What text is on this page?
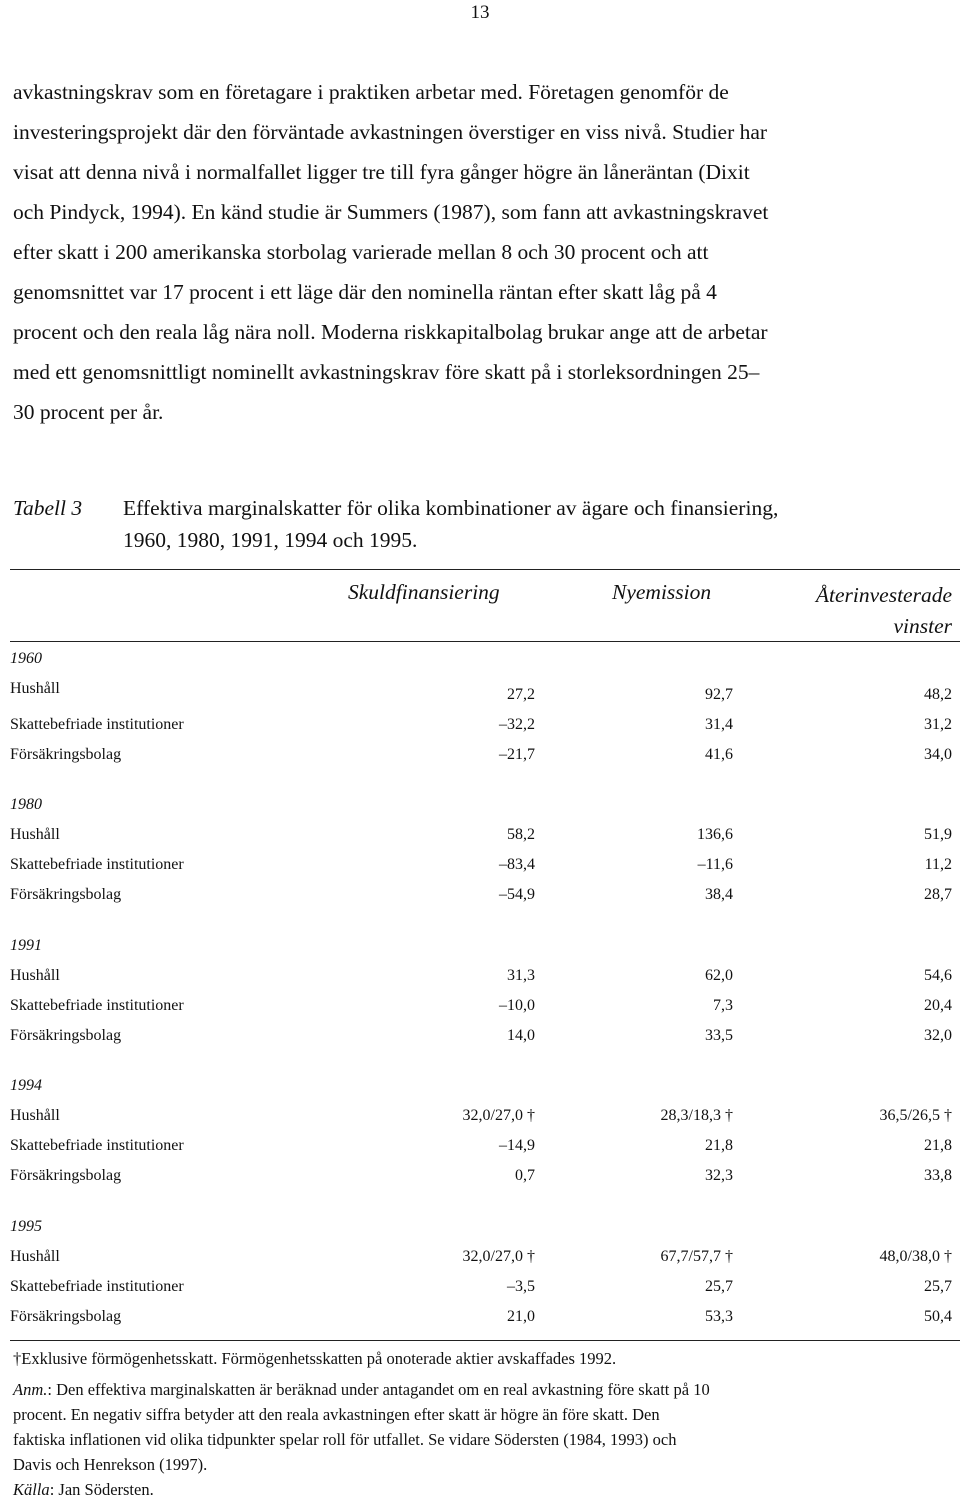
13
avkastningskrav som en företagare i praktiken arbetar med. Företagen genomför de
investeringsprojekt där den förväntade avkastningen överstiger en viss nivå. Studier har
visat att denna nivå i normalfallet ligger tre till fyra gånger högre än låneräntan (Dixit
och Pindyck, 1994). En känd studie är Summers (1987), som fann att avkastningskravet
efter skatt i 200 amerikanska storbolag varierade mellan 8 och 30 procent och att
genomsnittet var 17 procent i ett läge där den nominella räntan efter skatt låg på 4
procent och den reala låg nära noll. Moderna riskkapitalbolag brukar ange att de arbetar
med ett genomsnittligt nominellt avkastningskrav före skatt på i storleksordningen 25–
30 procent per år.
Tabell 3 Effektiva marginalskatter för olika kombinationer av ägare och finansiering,
1960, 1980, 1991, 1994 och 1995.
Skuldfinansiering	Nyemission	Återinvesterade
vinster
1960
Hushåll	27,2	92,7	48,2
Skattebefriade institutioner	–32,2	31,4	31,2
Försäkringsbolag	–21,7	41,6	34,0
1980
Hushåll	58,2	136,6	51,9
Skattebefriade institutioner	–83,4	–11,6	11,2
Försäkringsbolag	–54,9	38,4	28,7
1991
Hushåll	31,3	62,0	54,6
Skattebefriade institutioner	–10,0	7,3	20,4
Försäkringsbolag	14,0	33,5	32,0
1994
Hushåll	32,0/27,0 †	28,3/18,3 †	36,5/26,5 †
Skattebefriade institutioner	–14,9	21,8	21,8
Försäkringsbolag	0,7	32,3	33,8
1995
Hushåll	32,0/27,0 †	67,7/57,7 †	48,0/38,0 †
Skattebefriade institutioner	–3,5	25,7	25,7
Försäkringsbolag	21,0	53,3	50,4
†Exklusive förmögenhetsskatt. Förmögenhetsskatten på onoterade aktier avskaffades 1992.
Anm.: Den effektiva marginalskatten är beräknad under antagandet om en real avkastning före skatt på 10
procent. En negativ siffra betyder att den reala avkastningen efter skatt är högre än före skatt. Den
faktiska inflationen vid olika tidpunkter spelar roll för utfallet. Se vidare Södersten (1984, 1993) och
Davis och Henrekson (1997).
Källa: Jan Södersten.
